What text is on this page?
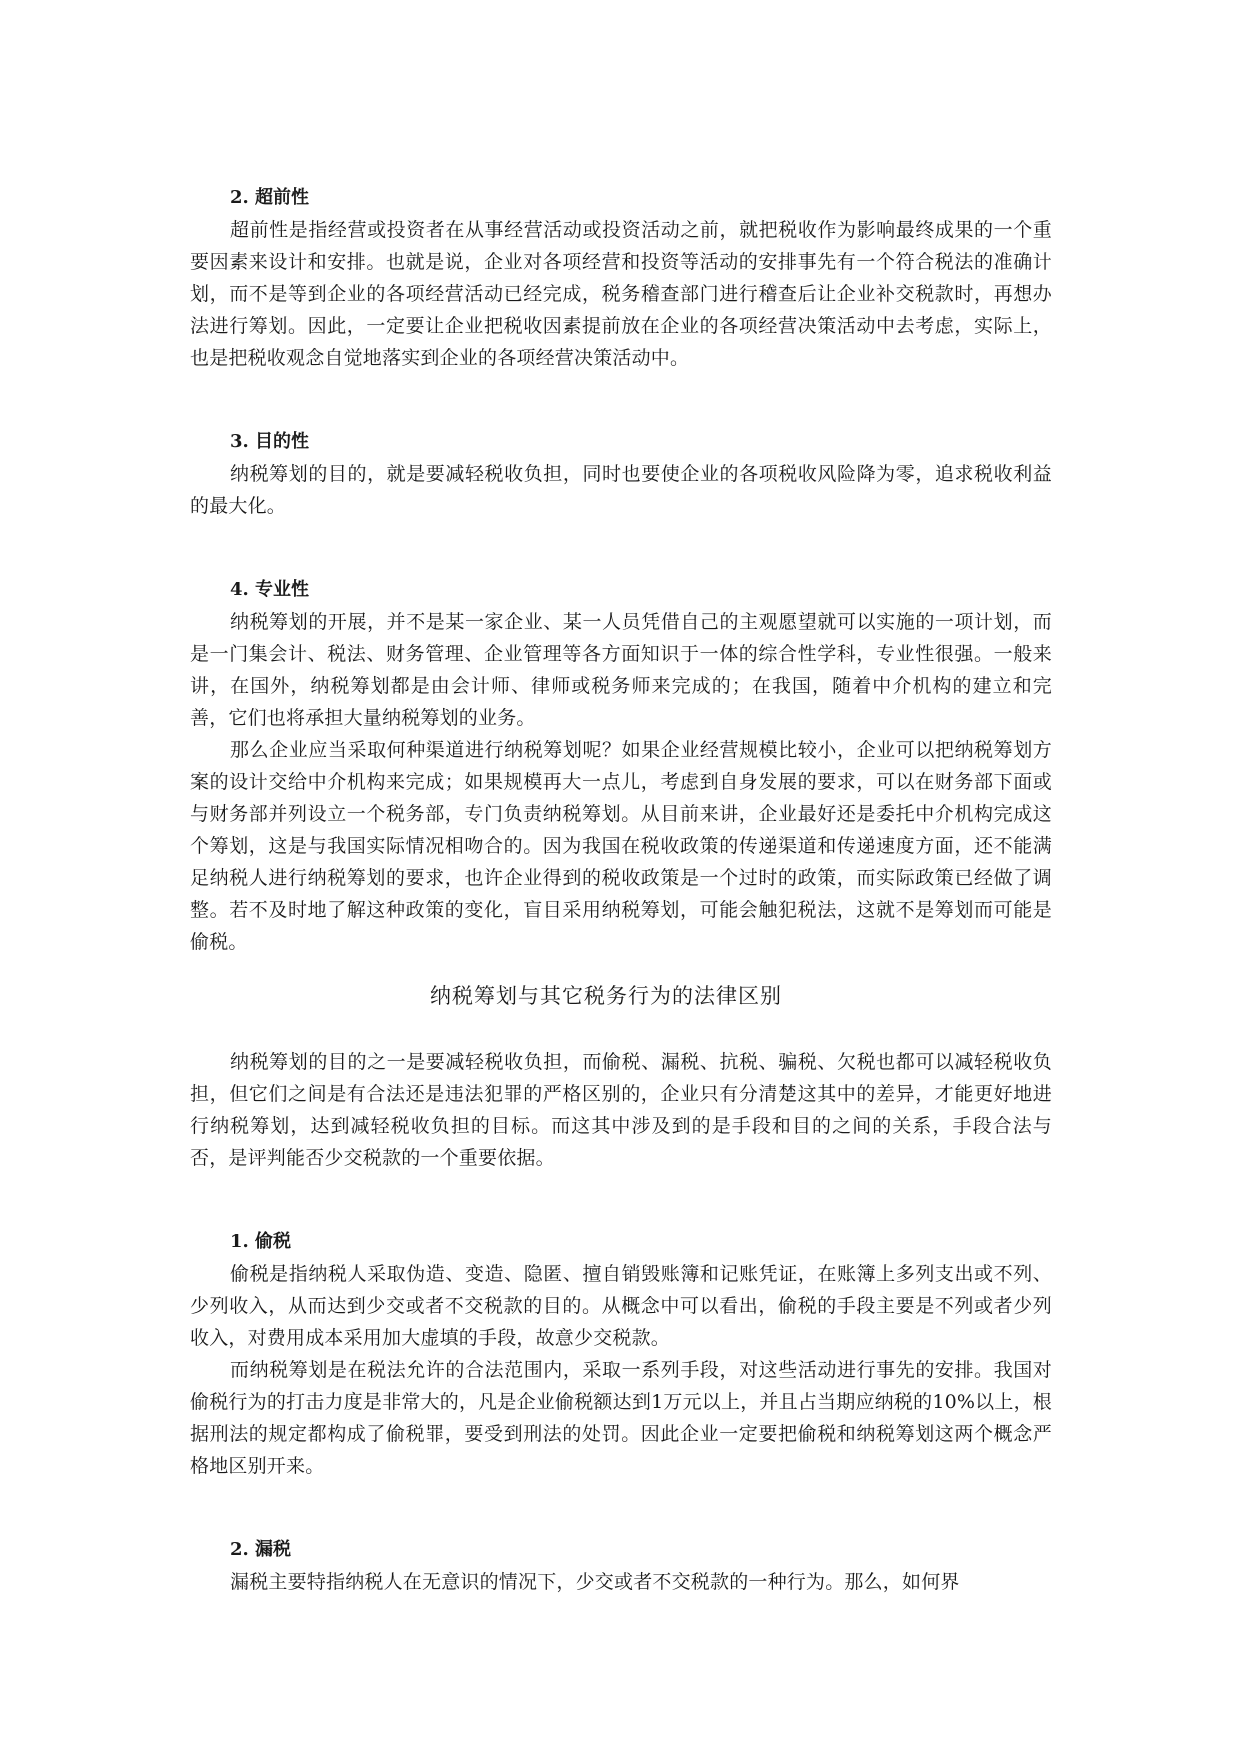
2. 超前性

超前性是指经营或投资者在从事经营活动或投资活动之前，就把税收作为影响最终成果的一个重要因素来设计和安排。也就是说，企业对各项经营和投资等活动的安排事先有一个符合税法的准确计划，而不是等到企业的各项经营活动已经完成，税务稽查部门进行稽查后让企业补交税款时，再想办法进行筹划。因此，一定要让企业把税收因素提前放在企业的各项经营决策活动中去考虑，实际上，也是把税收观念自觉地落实到企业的各项经营决策活动中。

3. 目的性

纳税筹划的目的，就是要减轻税收负担，同时也要使企业的各项税收风险降为零，追求税收利益的最大化。

4. 专业性

纳税筹划的开展，并不是某一家企业、某一人员凭借自己的主观愿望就可以实施的一项计划，而是一门集会计、税法、财务管理、企业管理等各方面知识于一体的综合性学科，专业性很强。一般来讲，在国外，纳税筹划都是由会计师、律师或税务师来完成的；在我国，随着中介机构的建立和完善，它们也将承担大量纳税筹划的业务。

那么企业应当采取何种渠道进行纳税筹划呢？如果企业经营规模比较小，企业可以把纳税筹划方案的设计交给中介机构来完成；如果规模再大一点儿，考虑到自身发展的要求，可以在财务部下面或与财务部并列设立一个税务部，专门负责纳税筹划。从目前来讲，企业最好还是委托中介机构完成这个筹划，这是与我国实际情况相吻合的。因为我国在税收政策的传递渠道和传递速度方面，还不能满足纳税人进行纳税筹划的要求，也许企业得到的税收政策是一个过时的政策，而实际政策已经做了调整。若不及时地了解这种政策的变化，盲目采用纳税筹划，可能会触犯税法，这就不是筹划而可能是偷税。

纳税筹划与其它税务行为的法律区别

纳税筹划的目的之一是要减轻税收负担，而偷税、漏税、抗税、骗税、欠税也都可以减轻税收负担，但它们之间是有合法还是违法犯罪的严格区别的，企业只有分清楚这其中的差异，才能更好地进行纳税筹划，达到减轻税收负担的目标。而这其中涉及到的是手段和目的之间的关系，手段合法与否，是评判能否少交税款的一个重要依据。

1. 偷税

偷税是指纳税人采取伪造、变造、隐匿、擅自销毁账簿和记账凭证，在账簿上多列支出或不列、少列收入，从而达到少交或者不交税款的目的。从概念中可以看出，偷税的手段主要是不列或者少列收入，对费用成本采用加大虚填的手段，故意少交税款。

而纳税筹划是在税法允许的合法范围内，采取一系列手段，对这些活动进行事先的安排。我国对偷税行为的打击力度是非常大的，凡是企业偷税额达到1万元以上，并且占当期应纳税的10%以上，根据刑法的规定都构成了偷税罪，要受到刑法的处罚。因此企业一定要把偷税和纳税筹划这两个概念严格地区别开来。

2. 漏税

漏税主要特指纳税人在无意识的情况下，少交或者不交税款的一种行为。那么，如何界
